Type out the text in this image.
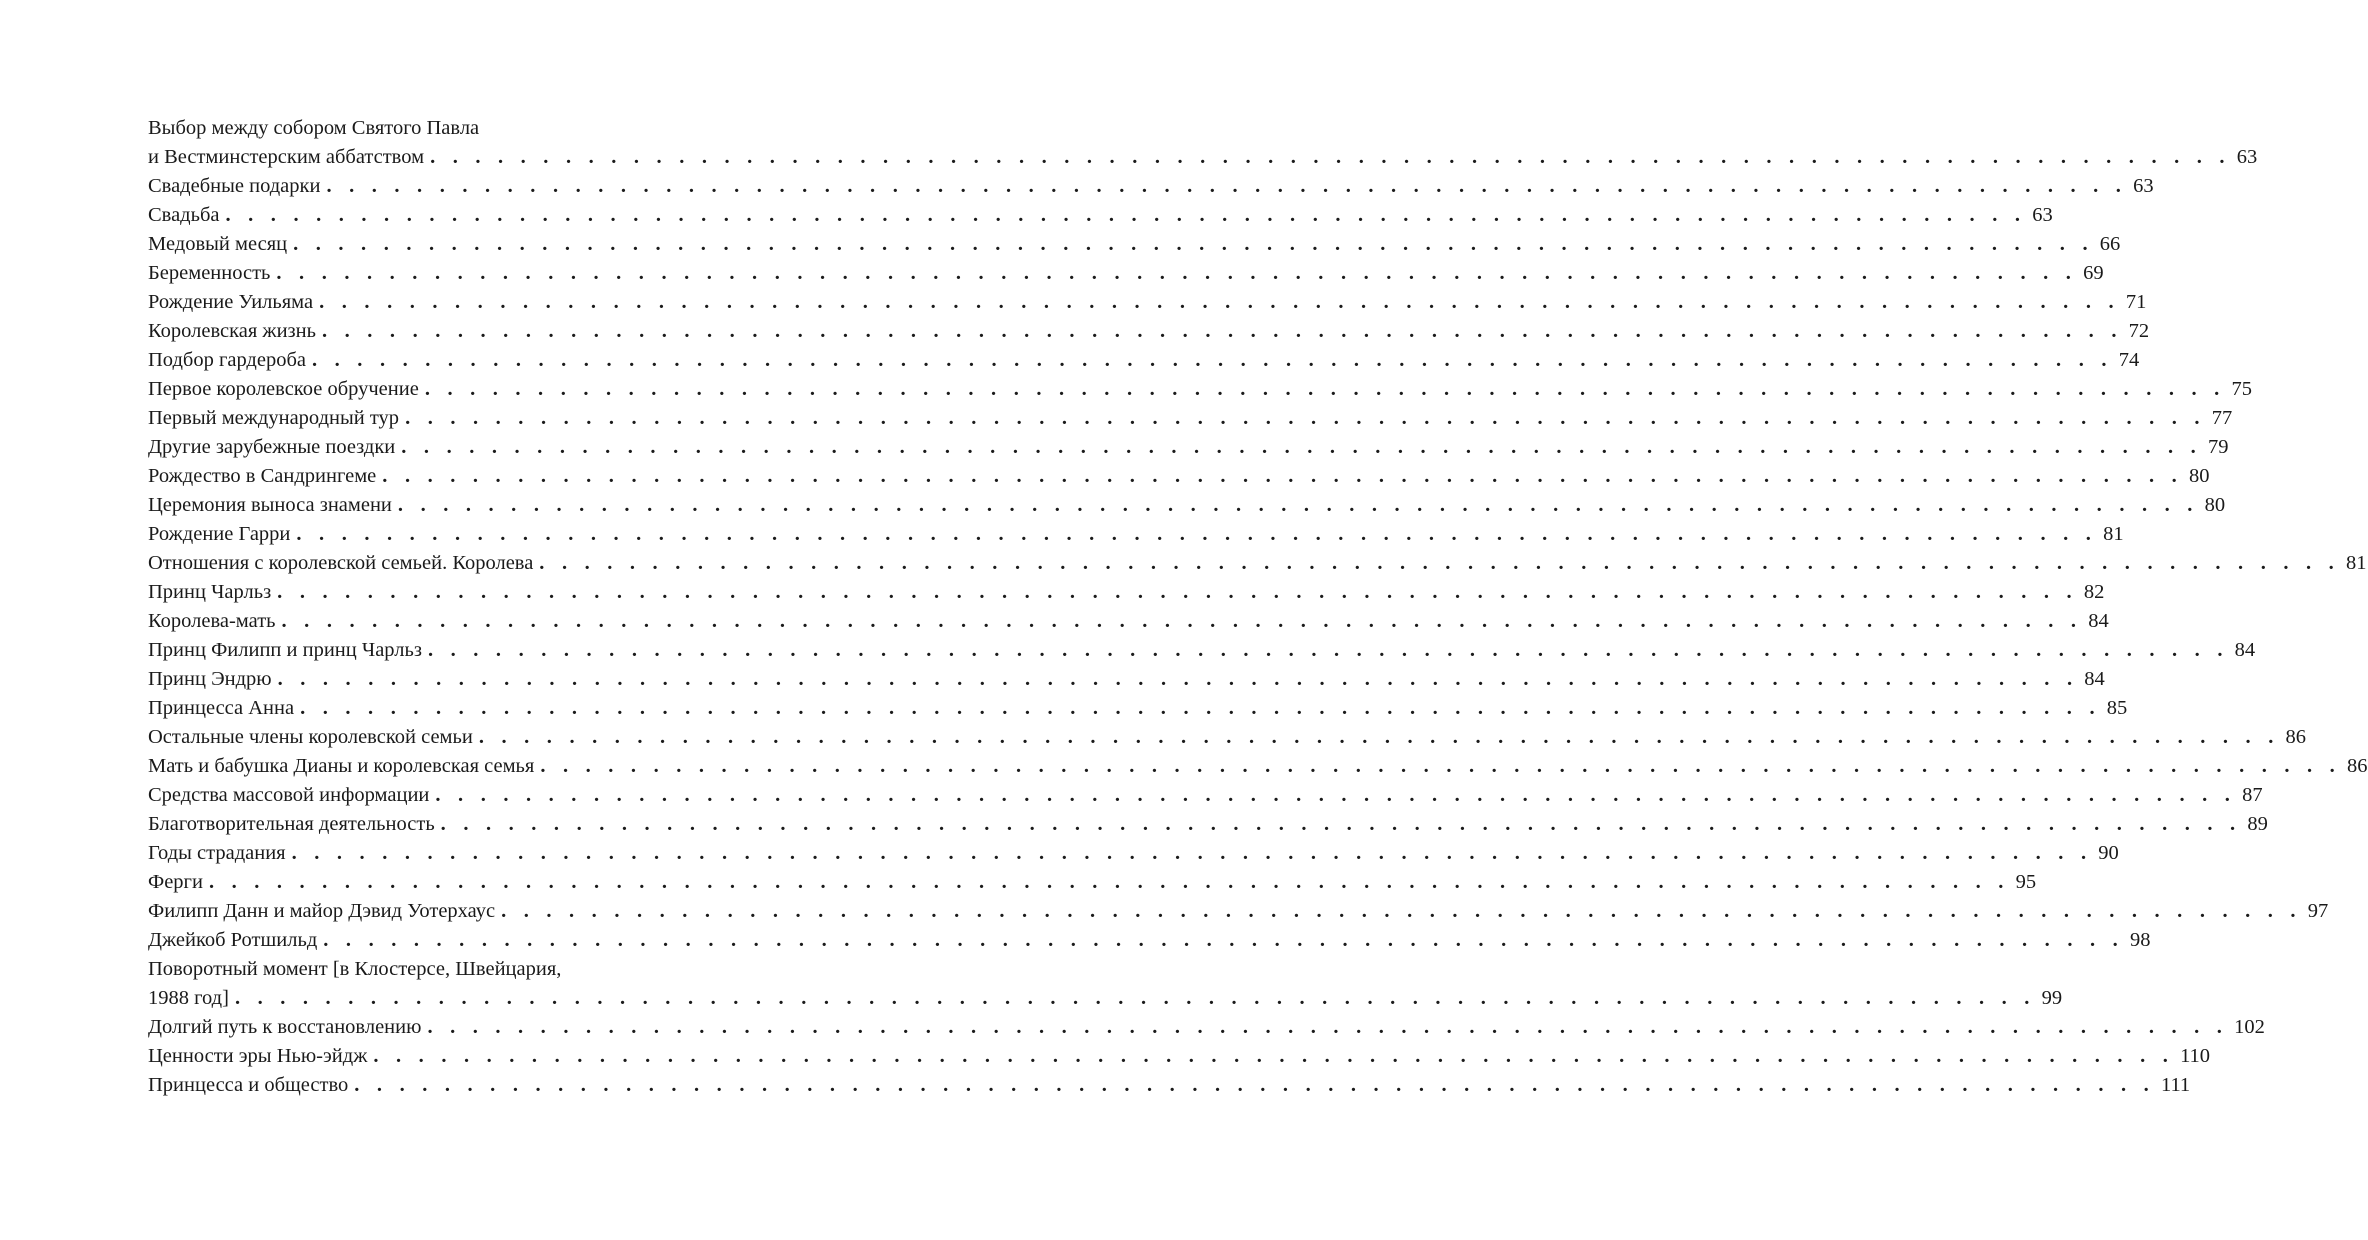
Выбор между собором Святого Павла
и Вестминстерским аббатством . . . . . . . . . . . . . . . . . . . . . . . . . . . . . . . . . . . . . . . . . . . . . . . . . . . . . . . . . . . . . . . . . . . . . . . . . . . . . . . . 63
Свадебные подарки . . . . . . . . . . . . . . . . . . . . . . . . . . . . . . . . . . . . . . . . . . . . . . . . . . . . . . . . . . . . . . . . . . . . . . . . . . . . . . . . 63
Свадьба . . . . . . . . . . . . . . . . . . . . . . . . . . . . . . . . . . . . . . . . . . . . . . . . . . . . . . . . . . . . . . . . . . . . . . . . . . . . . . . . 63
Медовый месяц . . . . . . . . . . . . . . . . . . . . . . . . . . . . . . . . . . . . . . . . . . . . . . . . . . . . . . . . . . . . . . . . . . . . . . . . . . . . . . . . 66
Беременность . . . . . . . . . . . . . . . . . . . . . . . . . . . . . . . . . . . . . . . . . . . . . . . . . . . . . . . . . . . . . . . . . . . . . . . . . . . . . . . . 69
Рождение Уильяма . . . . . . . . . . . . . . . . . . . . . . . . . . . . . . . . . . . . . . . . . . . . . . . . . . . . . . . . . . . . . . . . . . . . . . . . . . . . . . . . 71
Королевская жизнь . . . . . . . . . . . . . . . . . . . . . . . . . . . . . . . . . . . . . . . . . . . . . . . . . . . . . . . . . . . . . . . . . . . . . . . . . . . . . . . . 72
Подбор гардероба . . . . . . . . . . . . . . . . . . . . . . . . . . . . . . . . . . . . . . . . . . . . . . . . . . . . . . . . . . . . . . . . . . . . . . . . . . . . . . . . 74
Первое королевское обручение . . . . . . . . . . . . . . . . . . . . . . . . . . . . . . . . . . . . . . . . . . . . . . . . . . . . . . . . . . . . . . . . . . . . . . . . . . . . . . . . 75
Первый международный тур . . . . . . . . . . . . . . . . . . . . . . . . . . . . . . . . . . . . . . . . . . . . . . . . . . . . . . . . . . . . . . . . . . . . . . . . . . . . . . . . 77
Другие зарубежные поездки . . . . . . . . . . . . . . . . . . . . . . . . . . . . . . . . . . . . . . . . . . . . . . . . . . . . . . . . . . . . . . . . . . . . . . . . . . . . . . . . 79
Рождество в Сандрингеме . . . . . . . . . . . . . . . . . . . . . . . . . . . . . . . . . . . . . . . . . . . . . . . . . . . . . . . . . . . . . . . . . . . . . . . . . . . . . . . . 80
Церемония выноса знамени . . . . . . . . . . . . . . . . . . . . . . . . . . . . . . . . . . . . . . . . . . . . . . . . . . . . . . . . . . . . . . . . . . . . . . . . . . . . . . . . 80
Рождение Гарри . . . . . . . . . . . . . . . . . . . . . . . . . . . . . . . . . . . . . . . . . . . . . . . . . . . . . . . . . . . . . . . . . . . . . . . . . . . . . . . . 81
Отношения с королевской семьей. Королева . . . . . . . . . . . . . . . . . . . . . . . . . . . . . . . . . . . . . . . . . . . . . . . . . . . . . . . . . . . . . . . . . . . . . . . . . . . . . . . . 81
Принц Чарльз . . . . . . . . . . . . . . . . . . . . . . . . . . . . . . . . . . . . . . . . . . . . . . . . . . . . . . . . . . . . . . . . . . . . . . . . . . . . . . . . 82
Королева-мать . . . . . . . . . . . . . . . . . . . . . . . . . . . . . . . . . . . . . . . . . . . . . . . . . . . . . . . . . . . . . . . . . . . . . . . . . . . . . . . . 84
Принц Филипп и принц Чарльз . . . . . . . . . . . . . . . . . . . . . . . . . . . . . . . . . . . . . . . . . . . . . . . . . . . . . . . . . . . . . . . . . . . . . . . . . . . . . . . . 84
Принц Эндрю . . . . . . . . . . . . . . . . . . . . . . . . . . . . . . . . . . . . . . . . . . . . . . . . . . . . . . . . . . . . . . . . . . . . . . . . . . . . . . . . 84
Принцесса Анна . . . . . . . . . . . . . . . . . . . . . . . . . . . . . . . . . . . . . . . . . . . . . . . . . . . . . . . . . . . . . . . . . . . . . . . . . . . . . . . . 85
Остальные члены королевской семьи . . . . . . . . . . . . . . . . . . . . . . . . . . . . . . . . . . . . . . . . . . . . . . . . . . . . . . . . . . . . . . . . . . . . . . . . . . . . . . . . 86
Мать и бабушка Дианы и королевская семья . . . . . . . . . . . . . . . . . . . . . . . . . . . . . . . . . . . . . . . . . . . . . . . . . . . . . . . . . . . . . . . . . . . . . . . . . . . . . . . . 86
Средства массовой информации . . . . . . . . . . . . . . . . . . . . . . . . . . . . . . . . . . . . . . . . . . . . . . . . . . . . . . . . . . . . . . . . . . . . . . . . . . . . . . . . 87
Благотворительная деятельность . . . . . . . . . . . . . . . . . . . . . . . . . . . . . . . . . . . . . . . . . . . . . . . . . . . . . . . . . . . . . . . . . . . . . . . . . . . . . . . . 89
Годы страдания . . . . . . . . . . . . . . . . . . . . . . . . . . . . . . . . . . . . . . . . . . . . . . . . . . . . . . . . . . . . . . . . . . . . . . . . . . . . . . . . 90
Ферги . . . . . . . . . . . . . . . . . . . . . . . . . . . . . . . . . . . . . . . . . . . . . . . . . . . . . . . . . . . . . . . . . . . . . . . . . . . . . . . . 95
Филипп Данн и майор Дэвид Уотерхаус . . . . . . . . . . . . . . . . . . . . . . . . . . . . . . . . . . . . . . . . . . . . . . . . . . . . . . . . . . . . . . . . . . . . . . . . . . . . . . . . 97
Джейкоб Ротшильд . . . . . . . . . . . . . . . . . . . . . . . . . . . . . . . . . . . . . . . . . . . . . . . . . . . . . . . . . . . . . . . . . . . . . . . . . . . . . . . . 98
Поворотный момент [в Клостерсе, Швейцария,
1988 год] . . . . . . . . . . . . . . . . . . . . . . . . . . . . . . . . . . . . . . . . . . . . . . . . . . . . . . . . . . . . . . . . . . . . . . . . . . . . . . . . 99
Долгий путь к восстановлению . . . . . . . . . . . . . . . . . . . . . . . . . . . . . . . . . . . . . . . . . . . . . . . . . . . . . . . . . . . . . . . . . . . . . . . . . . . . . . . . 102
Ценности эры Нью-эйдж . . . . . . . . . . . . . . . . . . . . . . . . . . . . . . . . . . . . . . . . . . . . . . . . . . . . . . . . . . . . . . . . . . . . . . . . . . . . . . . . 110
Принцесса и общество . . . . . . . . . . . . . . . . . . . . . . . . . . . . . . . . . . . . . . . . . . . . . . . . . . . . . . . . . . . . . . . . . . . . . . . . . . . . . . . . 111
